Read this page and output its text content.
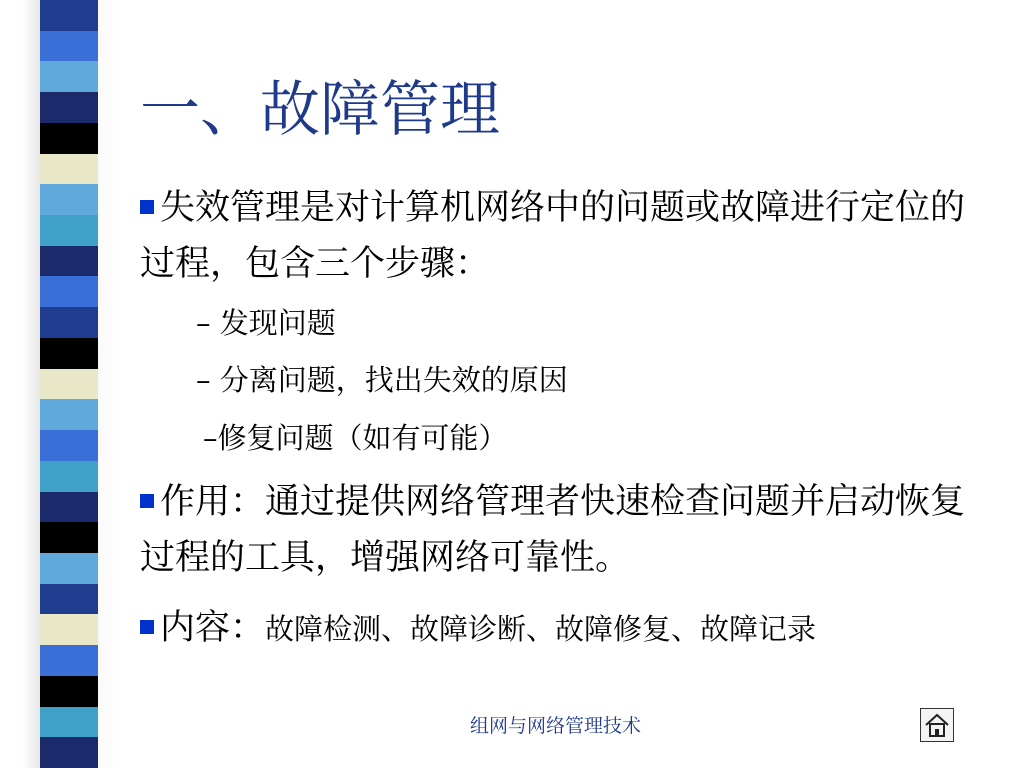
一、故障管理
失效管理是对计算机网络中的问题或故障进行定位的过程，包含三个步骤：
– 发现问题
– 分离问题，找出失效的原因
–修复问题（如有可能）
作用：通过提供网络管理者快速检查问题并启动恢复过程的工具，增强网络可靠性。
内容：故障检测、故障诊断、故障修复、故障记录
组网与网络管理技术
